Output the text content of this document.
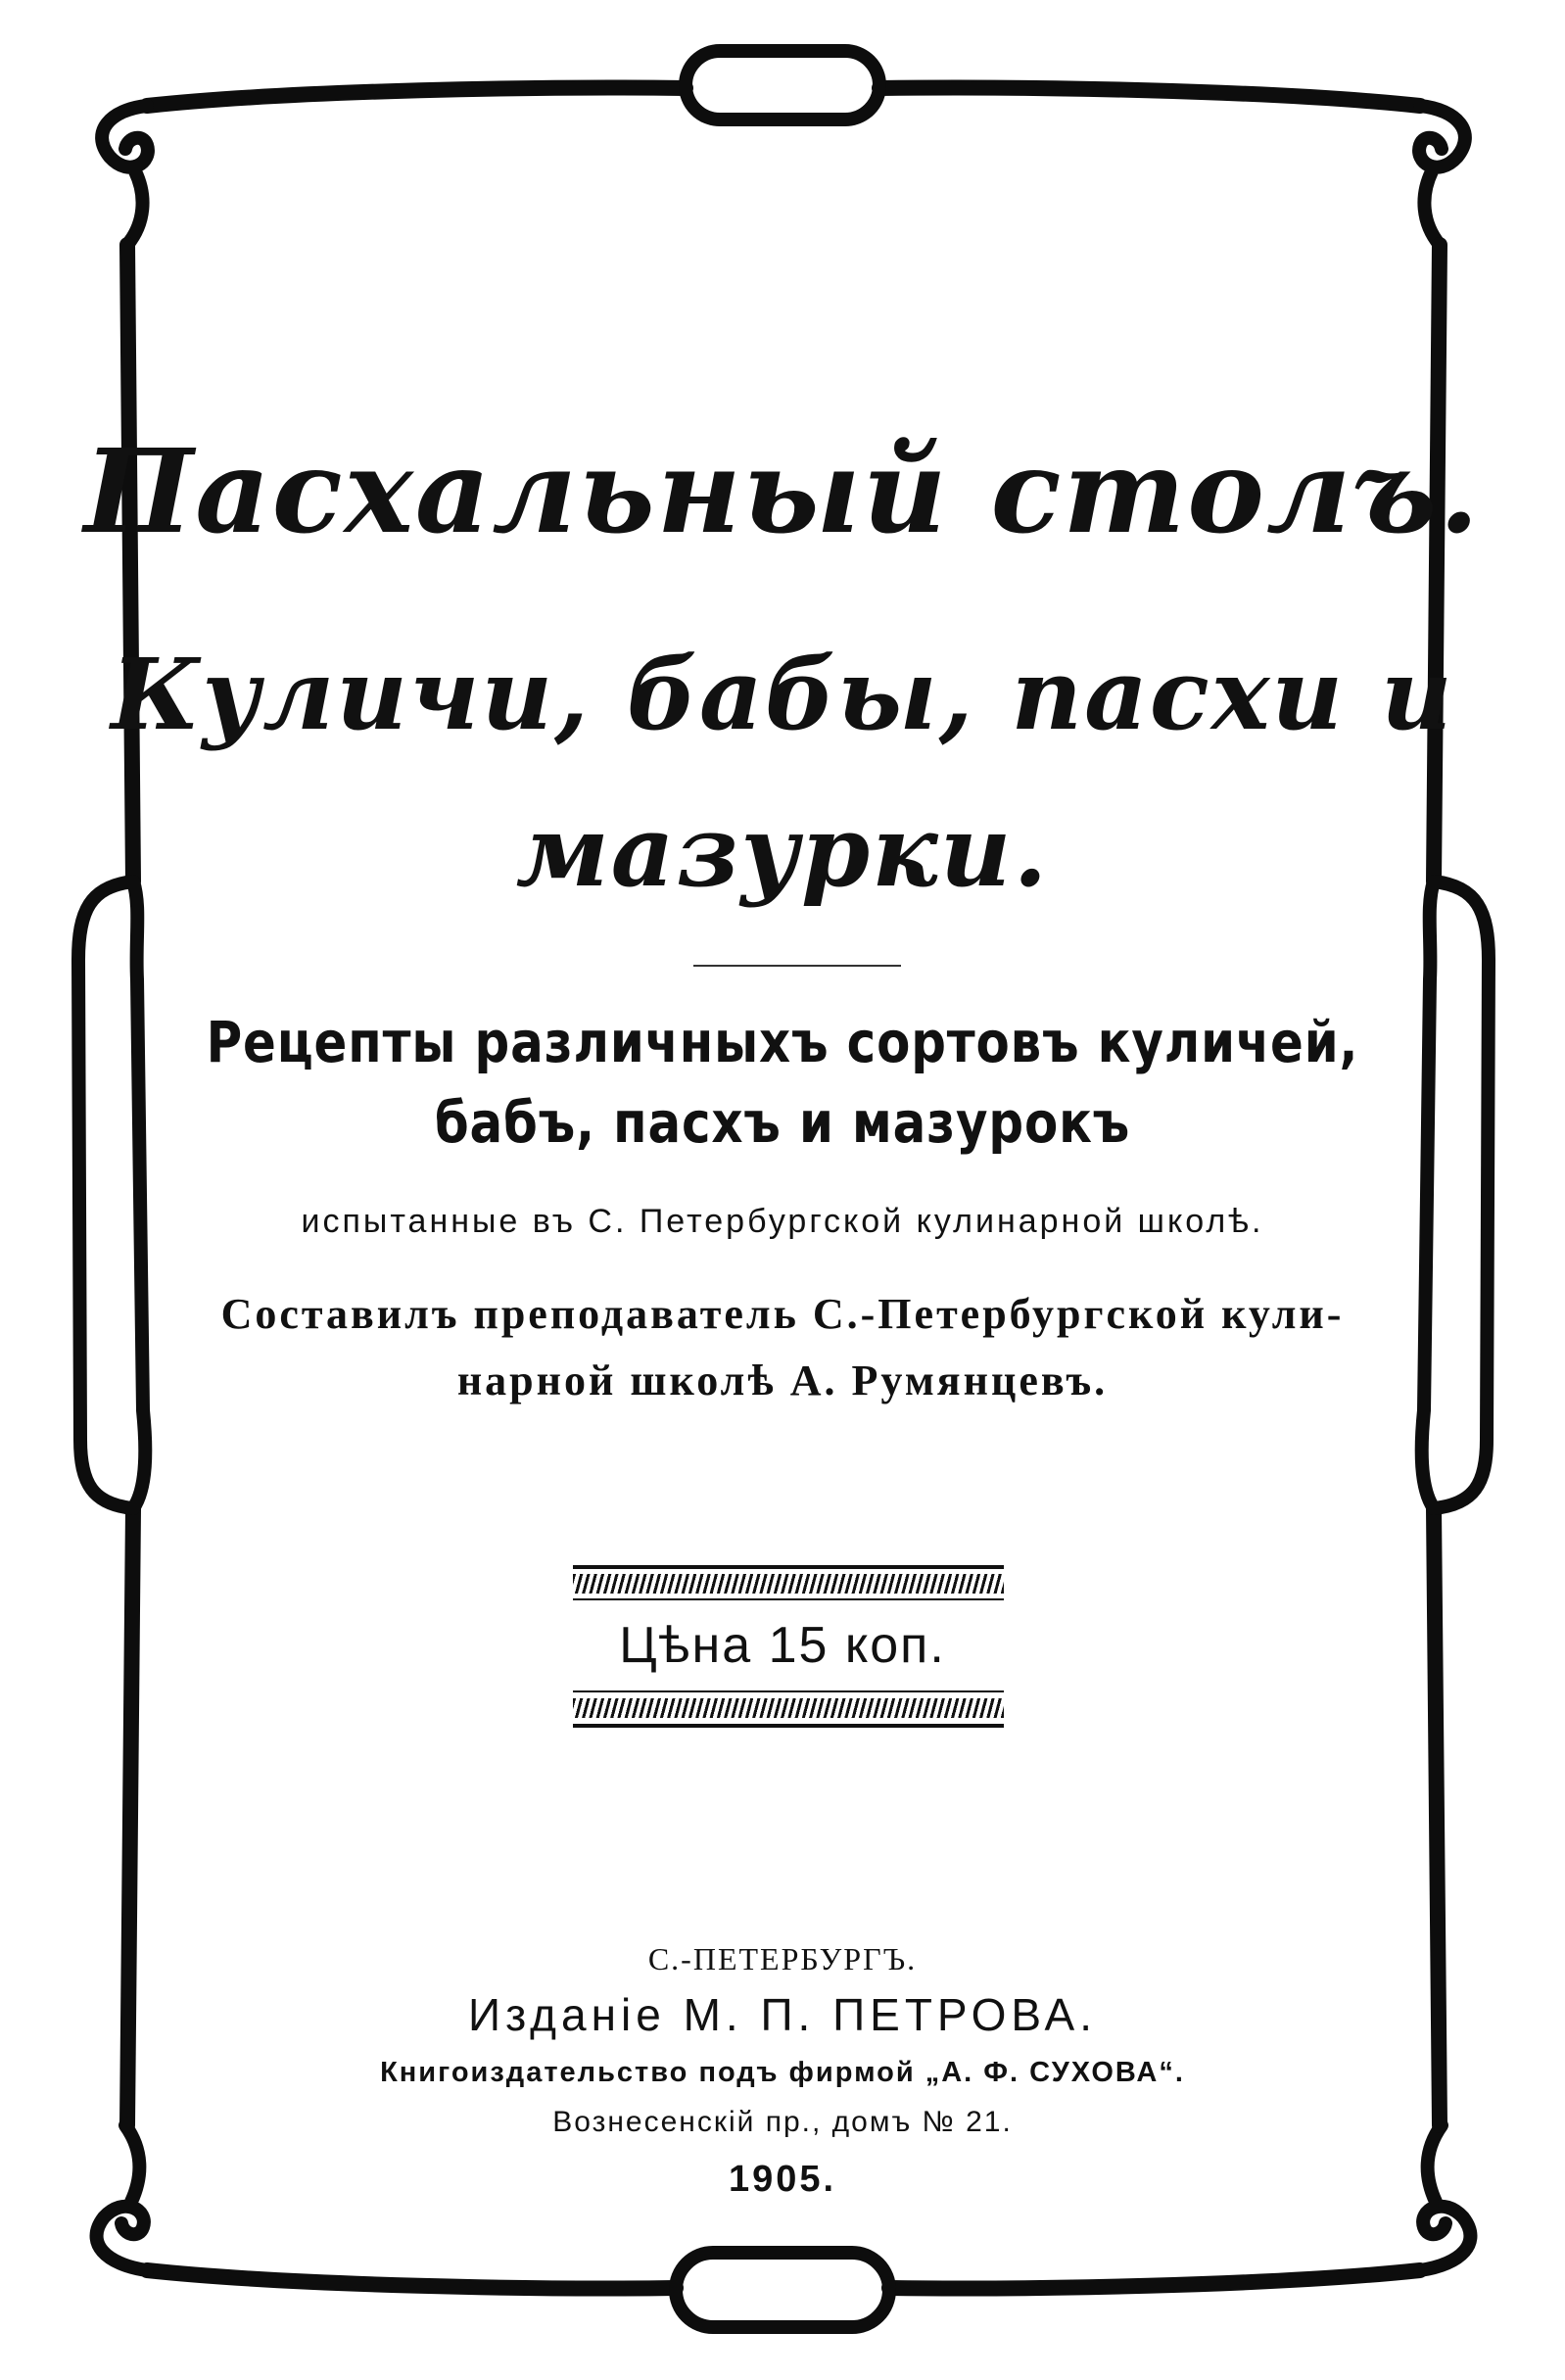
Пасхальный столъ.
Куличи, бабы, пасхи и
мазурки.
Рецепты различныхъ сортовъ куличей,
бабъ, пасхъ и мазурокъ
испытанные въ С. Петербургской кулинарной школѣ.
Составилъ преподаватель С.-Петербургской кули-
нарной школѣ А. Румянцевъ.
Цѣна 15 коп.
С.-ПЕТЕРБУРГЪ.
Изданіе М. П. ПЕТРОВА.
Книгоиздательство подъ фирмой „А. Ф. СУХОВА“.
Вознесенскій пр., домъ № 21.
1905.
